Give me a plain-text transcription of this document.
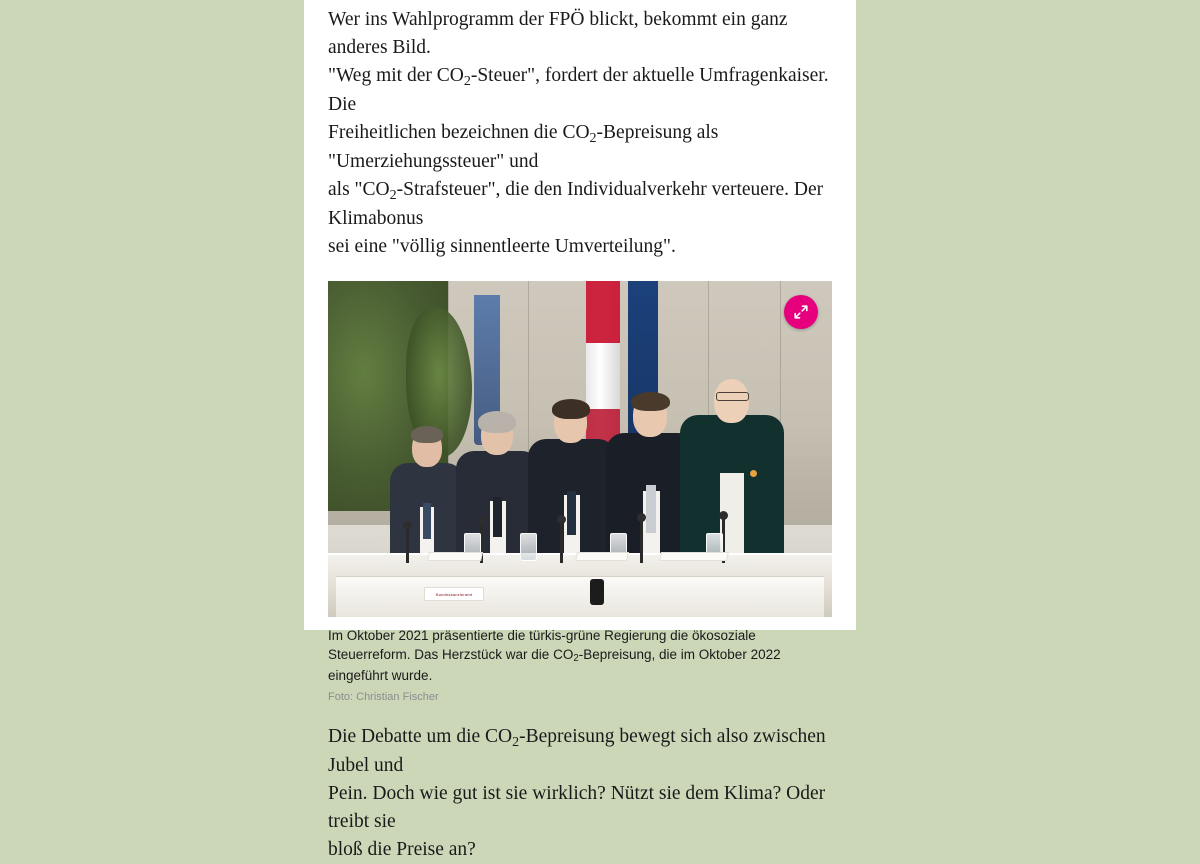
Wer ins Wahlprogramm der FPÖ blickt, bekommt ein ganz anderes Bild.
"Weg mit der $CO_2$-Steuer", fordert der aktuelle Umfragenkaiser. Die
Freiheitlichen bezeichnen die $CO_2$-Bepreisung als "Umerziehungssteuer" und
als "$CO_2$-Strafsteuer", die den Individualverkehr verteuere. Der Klimabonus
sei eine "völlig sinnentleerte Umverteilung".

Bundeskanzleramt
Im Oktober 2021 präsentierte die türkis-grüne Regierung die ökosoziale Steuerreform. Das Herzstück war die $CO_2$-Bepreisung, die im Oktober 2022 eingeführt wurde.
Foto: Christian Fischer

Die Debatte um die $CO_2$-Bepreisung bewegt sich also zwischen Jubel und
Pein. Doch wie gut ist sie wirklich? Nützt sie dem Klima? Oder treibt sie
bloß die Preise an?
